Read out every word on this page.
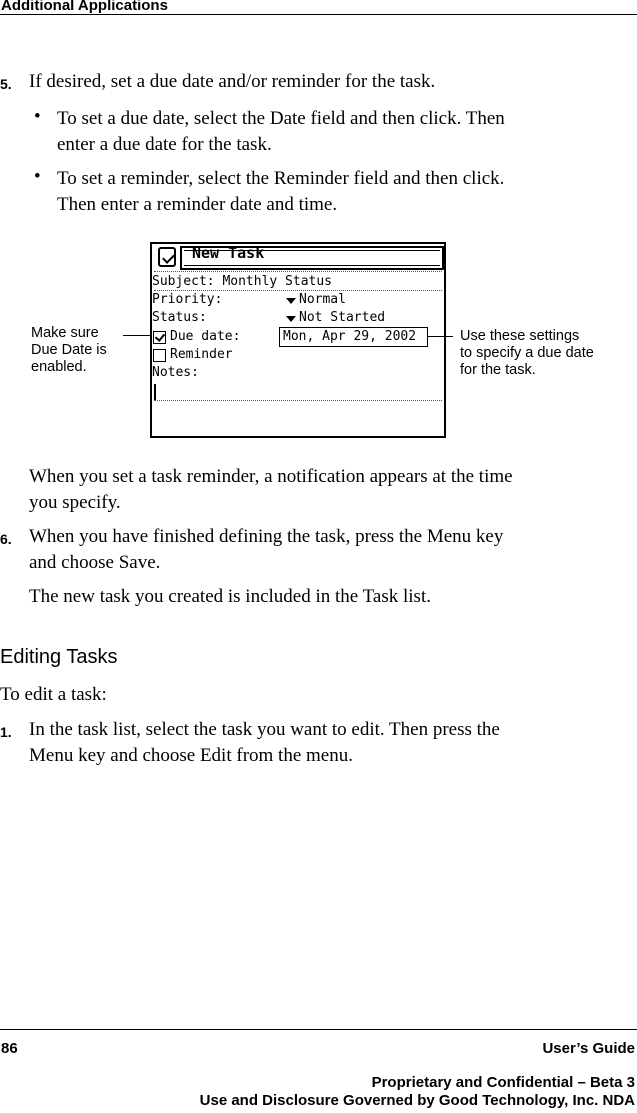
Additional Applications
5. If desired, set a due date and/or reminder for the task.
• To set a due date, select the Date field and then click. Then
enter a due date for the task.
• To set a reminder, select the Reminder field and then click.
Then enter a reminder date and time.
New Task
Subject: Monthly Status
Priority:	Normal
Status:	Not Started
Due date:	Mon, Apr 29, 2002
Reminder
Notes:
Make sure
Due Date is
enabled.
Use these settings
to specify a due date
for the task.
When you set a task reminder, a notification appears at the time
you specify.
6. When you have finished defining the task, press the Menu key
and choose Save.
The new task you created is included in the Task list.
Editing Tasks
To edit a task:
1. In the task list, select the task you want to edit. Then press the
Menu key and choose Edit from the menu.
86	User’s Guide
Proprietary and Confidential – Beta 3
Use and Disclosure Governed by Good Technology, Inc. NDA
